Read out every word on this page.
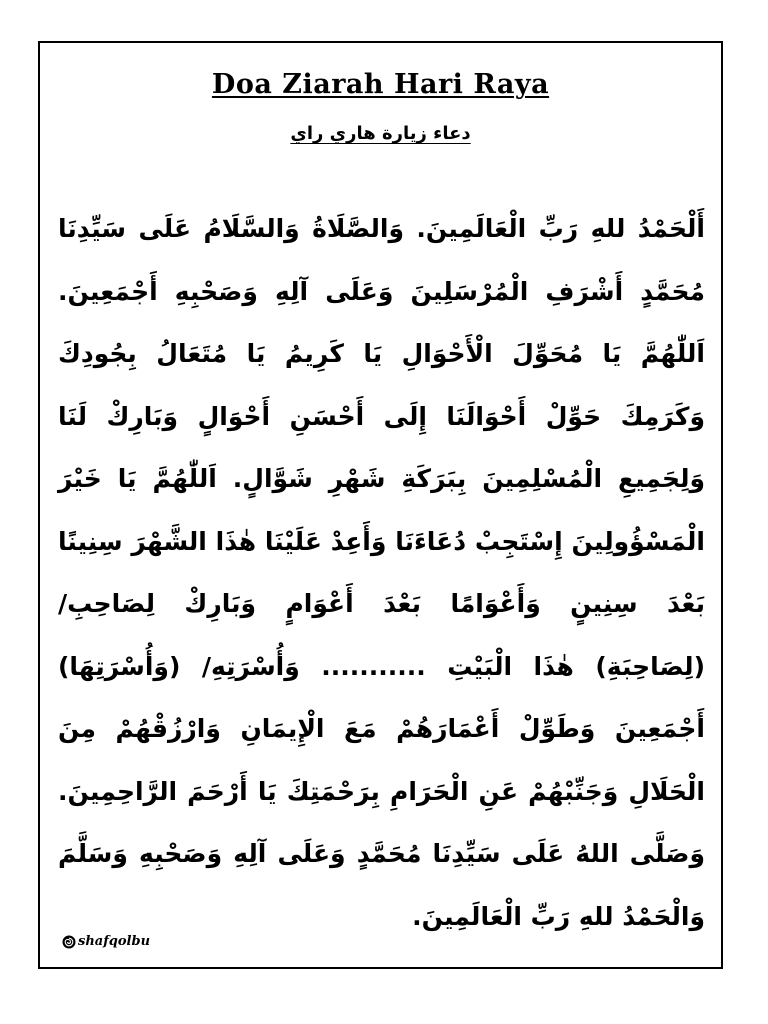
Doa Ziarah Hari Raya
دعاء زيارة هاري راي
أَلْحَمْدُ للهِ رَبِّ الْعَالَمِينَ. وَالصَّلَاةُ وَالسَّلَامُ عَلَى سَيِّدِنَا
مُحَمَّدٍ أَشْرَفِ الْمُرْسَلِينَ وَعَلَى آلِهِ وَصَحْبِهِ أَجْمَعِينَ.
اَللّٰهُمَّ يَا مُحَوِّلَ الْأَحْوَالِ يَا كَرِيمُ يَا مُتَعَالُ بِجُودِكَ
وَكَرَمِكَ حَوِّلْ أَحْوَالَنَا إِلَى أَحْسَنِ أَحْوَالٍ وَبَارِكْ لَنَا
وَلِجَمِيعِ الْمُسْلِمِينَ بِبَرَكَةِ شَهْرِ شَوَّالٍ. اَللّٰهُمَّ يَا خَيْرَ
الْمَسْؤُولِينَ إِسْتَجِبْ دُعَاءَنَا وَأَعِدْ عَلَيْنَا هٰذَا الشَّهْرَ سِنِينًا
بَعْدَ سِنِينٍ وَأَعْوَامًا بَعْدَ أَعْوَامٍ وَبَارِكْ لِصَاحِبِ/
(لِصَاحِبَةِ) هٰذَا الْبَيْتِ ........... وَأُسْرَتِهِ/ (وَأُسْرَتِهَا)
أَجْمَعِينَ وَطَوِّلْ أَعْمَارَهُمْ مَعَ الْإِيمَانِ وَارْزُقْهُمْ مِنَ
الْحَلَالِ وَجَنِّبْهُمْ عَنِ الْحَرَامِ بِرَحْمَتِكَ يَا أَرْحَمَ الرَّاحِمِينَ.
وَصَلَّى اللهُ عَلَى سَيِّدِنَا مُحَمَّدٍ وَعَلَى آلِهِ وَصَحْبِهِ وَسَلَّمَ
وَالْحَمْدُ للهِ رَبِّ الْعَالَمِينَ.
shafqolbu
